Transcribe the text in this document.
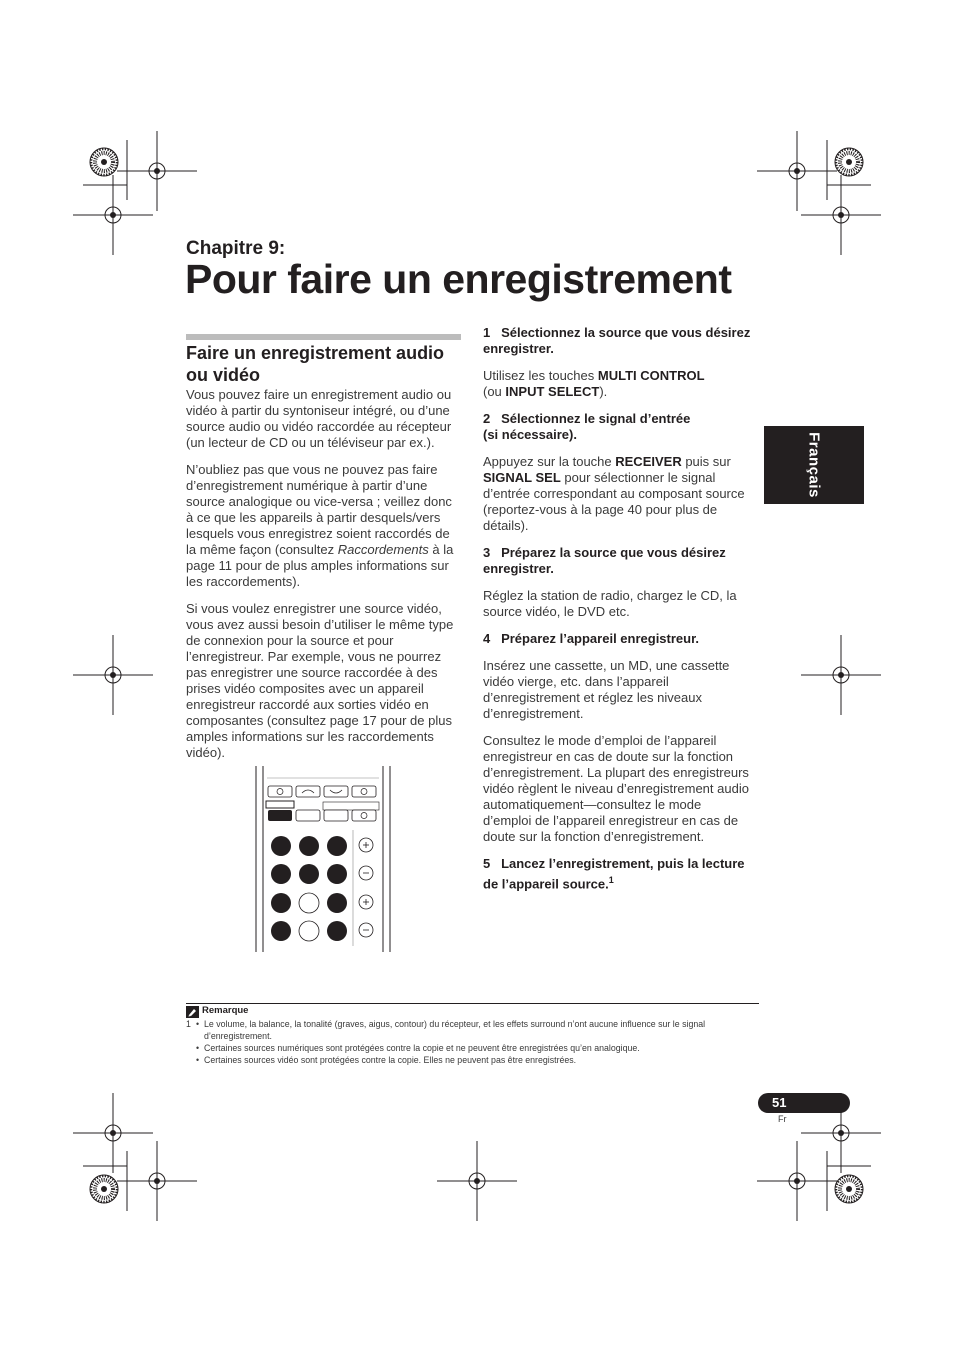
Chapitre 9:
Pour faire un enregistrement
Faire un enregistrement audio ou vidéo

Vous pouvez faire un enregistrement audio ou vidéo à partir du syntoniseur intégré, ou d’une source audio ou vidéo raccordée au récepteur (un lecteur de CD ou un téléviseur par ex.).

N’oubliez pas que vous ne pouvez pas faire d’enregistrement numérique à partir d’une source analogique ou vice-versa ; veillez donc à ce que les appareils à partir desquels/vers lesquels vous enregistrez soient raccordés de la même façon (consultez Raccordements à la page 11 pour de plus amples informations sur les raccordements).

Si vous voulez enregistrer une source vidéo, vous avez aussi besoin d’utiliser le même type de connexion pour la source et pour l’enregistreur. Par exemple, vous ne pourrez pas enregistrer une source raccordée à des prises vidéo composites avec un appareil enregistreur raccordé aux sorties vidéo en composantes (consultez page 17 pour de plus amples informations sur les raccordements vidéo).

1   Sélectionnez la source que vous désirez enregistrer.

Utilisez les touches MULTI CONTROL
(ou INPUT SELECT).

2   Sélectionnez le signal d’entrée
(si nécessaire).

Appuyez sur la touche RECEIVER puis sur SIGNAL SEL pour sélectionner le signal d’entrée correspondant au composant source (reportez-vous à la page 40 pour plus de détails).

3   Préparez la source que vous désirez enregistrer.

Réglez la station de radio, chargez le CD, la source vidéo, le DVD etc.

4   Préparez l’appareil enregistreur.

Insérez une cassette, un MD, une cassette vidéo vierge, etc. dans l’appareil d’enregistrement et réglez les niveaux d’enregistrement.

Consultez le mode d’emploi de l’appareil enregistreur en cas de doute sur la fonction d’enregistrement. La plupart des enregistreurs vidéo règlent le niveau d’enregistrement audio automatiquement—consultez le mode d’emploi de l’appareil enregistreur en cas de doute sur la fonction d’enregistrement.

5   Lancez l’enregistrement, puis la lecture de l’appareil source.$^1$

Français
Remarque
1 • Le volume, la balance, la tonalité (graves, aigus, contour) du récepteur, et les effets surround n’ont aucune influence sur le signal d’enregistrement.
• Certaines sources numériques sont protégées contre la copie et ne peuvent être enregistrées qu’en analogique.
• Certaines sources vidéo sont protégées contre la copie. Elles ne peuvent pas être enregistrées.
51
Fr
